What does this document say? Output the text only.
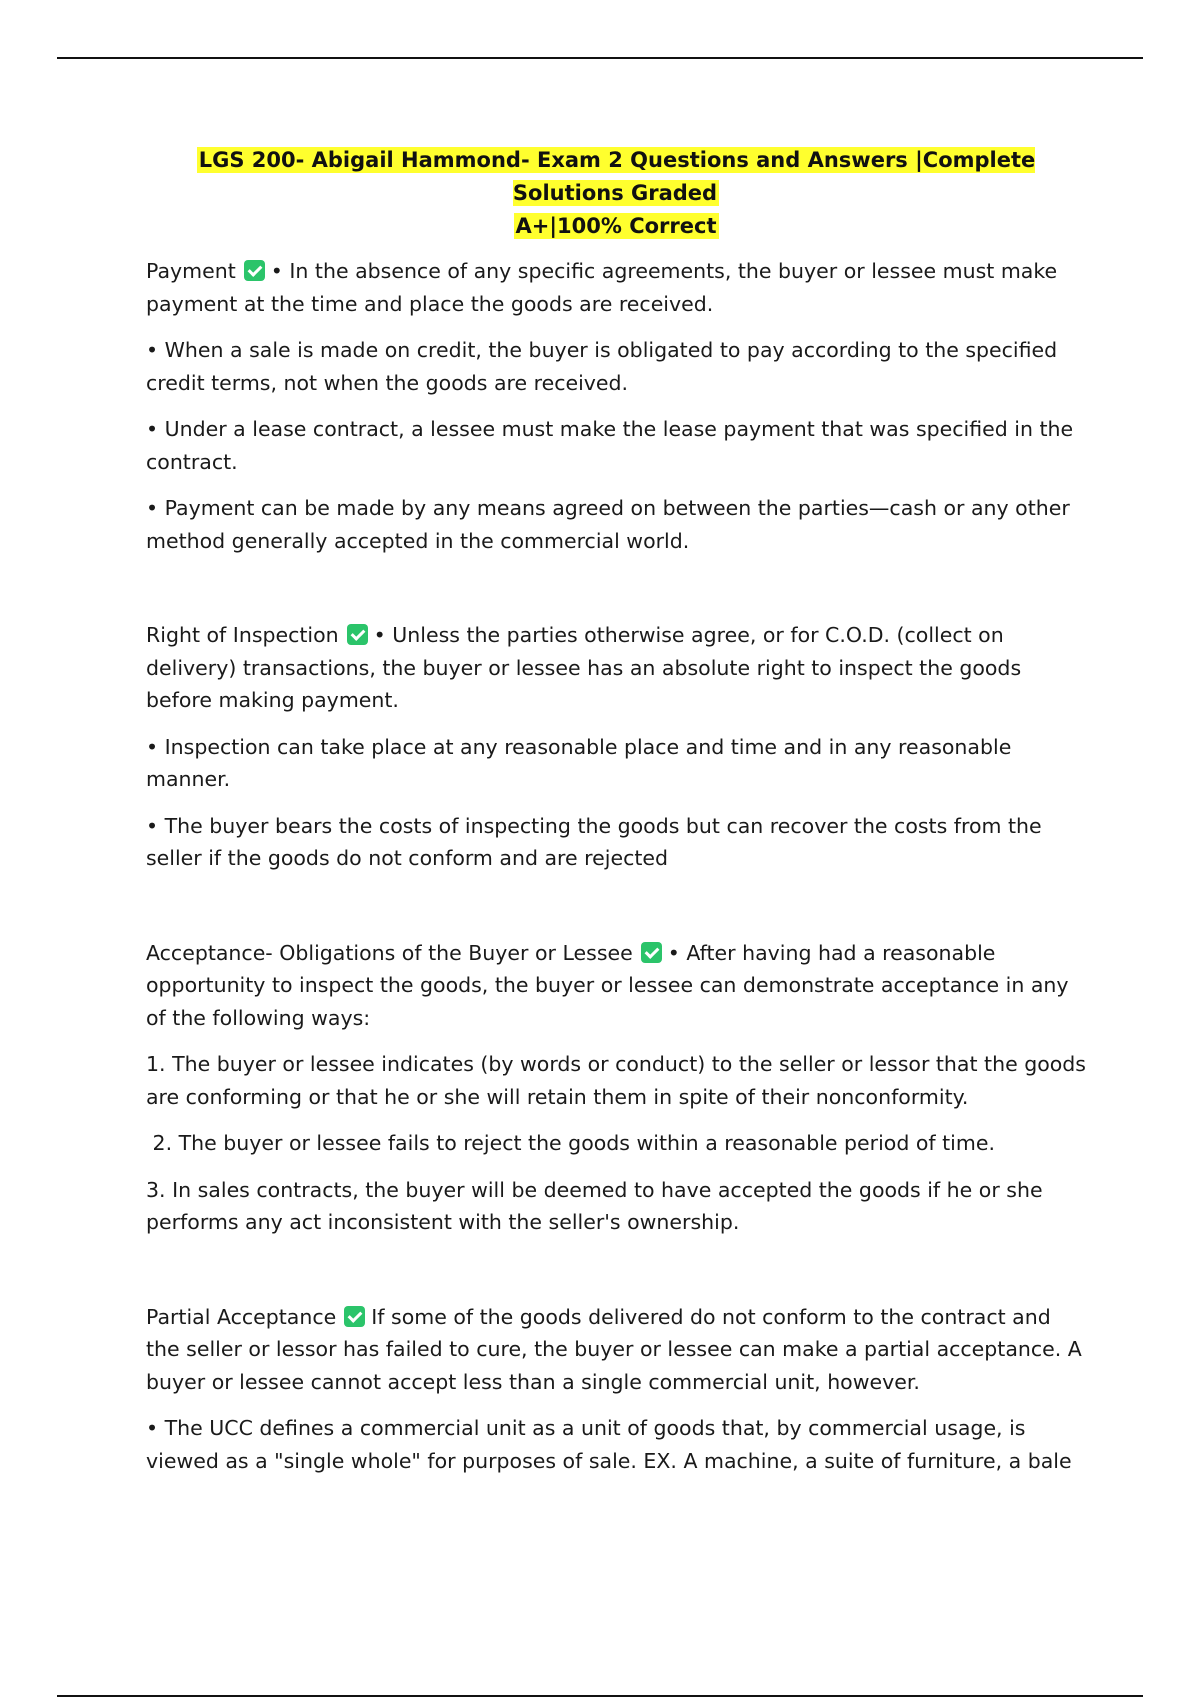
LGS 200- Abigail Hammond- Exam 2 Questions and Answers |Complete Solutions Graded
A+|100% Correct

Payment • In the absence of any specific agreements, the buyer or lessee must make payment at the time and place the goods are received.

• When a sale is made on credit, the buyer is obligated to pay according to the specified credit terms, not when the goods are received.

• Under a lease contract, a lessee must make the lease payment that was specified in the contract.

• Payment can be made by any means agreed on between the parties—cash or any other method generally accepted in the commercial world.

Right of Inspection • Unless the parties otherwise agree, or for C.O.D. (collect on delivery) transactions, the buyer or lessee has an absolute right to inspect the goods before making payment.

• Inspection can take place at any reasonable place and time and in any reasonable manner.

• The buyer bears the costs of inspecting the goods but can recover the costs from the seller if the goods do not conform and are rejected

Acceptance- Obligations of the Buyer or Lessee • After having had a reasonable opportunity to inspect the goods, the buyer or lessee can demonstrate acceptance in any of the following ways:

1. The buyer or lessee indicates (by words or conduct) to the seller or lessor that the goods are conforming or that he or she will retain them in spite of their nonconformity.

2. The buyer or lessee fails to reject the goods within a reasonable period of time.

3. In sales contracts, the buyer will be deemed to have accepted the goods if he or she performs any act inconsistent with the seller's ownership.

Partial Acceptance If some of the goods delivered do not conform to the contract and the seller or lessor has failed to cure, the buyer or lessee can make a partial acceptance. A buyer or lessee cannot accept less than a single commercial unit, however.

• The UCC defines a commercial unit as a unit of goods that, by commercial usage, is viewed as a "single whole" for purposes of sale. EX. A machine, a suite of furniture, a bale
